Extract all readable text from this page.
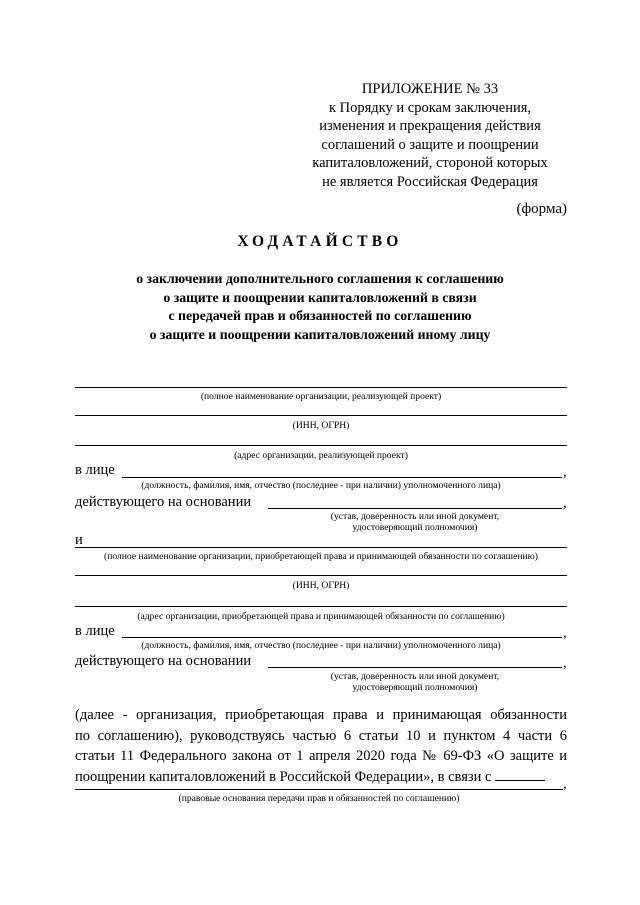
ПРИЛОЖЕНИЕ № 33
к Порядку и срокам заключения,
изменения и прекращения действия
соглашений о защите и поощрении
капиталовложений, стороной которых
не является Российская Федерация
(форма)
ХОДАТАЙСТВО
о заключении дополнительного соглашения к соглашению
о защите и поощрении капиталовложений в связи
с передачей прав и обязанностей по соглашению
о защите и поощрении капиталовложений иному лицу
(полное наименование организации, реализующей проект)
(ИНН, ОГРН)
(адрес организации, реализующей проект)
в лице	,
(должность, фамилия, имя, отчество (последнее - при наличии) уполномоченного лица)
действующего на основании	,
(устав, доверенность или иной документ,
удостоверяющий полномочия)
и
(полное наименование организации, приобретающей права и принимающей обязанности по соглашению)
(ИНН, ОГРН)
(адрес организации, приобретающей права и принимающей обязанности по соглашению)
в лице	,
(должность, фамилия, имя, отчество (последнее - при наличии) уполномоченного лица)
действующего на основании	,
(устав, доверенность или иной документ,
удостоверяющий полномочия)
(далее - организация, приобретающая права и принимающая обязанности
по соглашению), руководствуясь частью 6 статьи 10 и пунктом 4 части 6
статьи 11 Федерального закона от 1 апреля 2020 года № 69-ФЗ «О защите и
поощрении капиталовложений в Российской Федерации», в связи с	,
(правовые основания передачи прав и обязанностей по соглашению)
